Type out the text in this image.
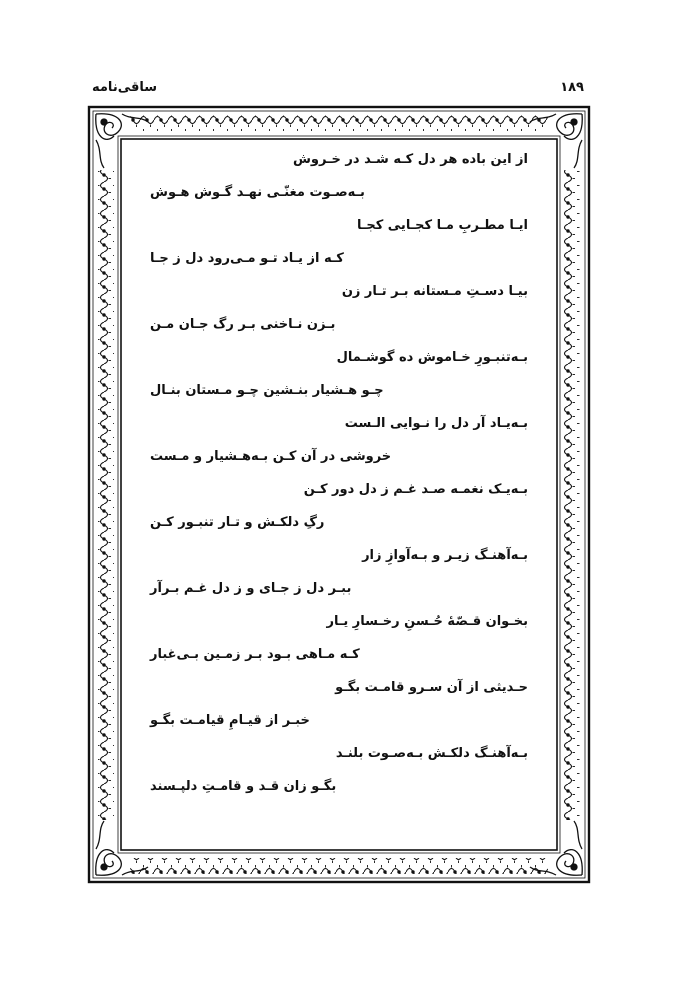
ساقی‌نامه	۱۸۹
از این باده هر دل کـه شـد در خـروش
بـه‌صـوت مغنّـی نهـد گـوش هـوش
ایـا مطـربِ مـا کجـایی کجـا
کـه از یـاد تـو مـی‌رود دل ز جـا
بیـا دسـتِ مـستانه بـر تـار زن
بـزن نـاخنی بـر رگ جـان مـن
بـه‌تنبـورِ خـاموش ده گوشـمال
چـو هـشیار بنـشین چـو مـستان بنـال
بـه‌یـاد آر دل را نـوایی الـست
خروشی در آن کـن بـه‌هـشیار و مـست
بـه‌یـک نغمـه صـد غـم ز دل دور کـن
رگِ دلکـش و تـار تنبـور کـن
بـه‌آهنـگ زیـر و بـه‌آوازِ زار
ببـر دل ز جـای و ز دل غـم بـرآر
بخـوان قـصّهٔ حُـسنِ رخـسارِ یـار
کـه مـاهی بـود بـر زمـین بـی‌غبار
حـدیثی از آن سـرو قامـت بگـو
خبـر از قیـامِ قیامـت بگـو
بـه‌آهنـگ دلکـش بـه‌صـوت بلنـد
بگـو زان قـد و قامـتِ دلپـسند
